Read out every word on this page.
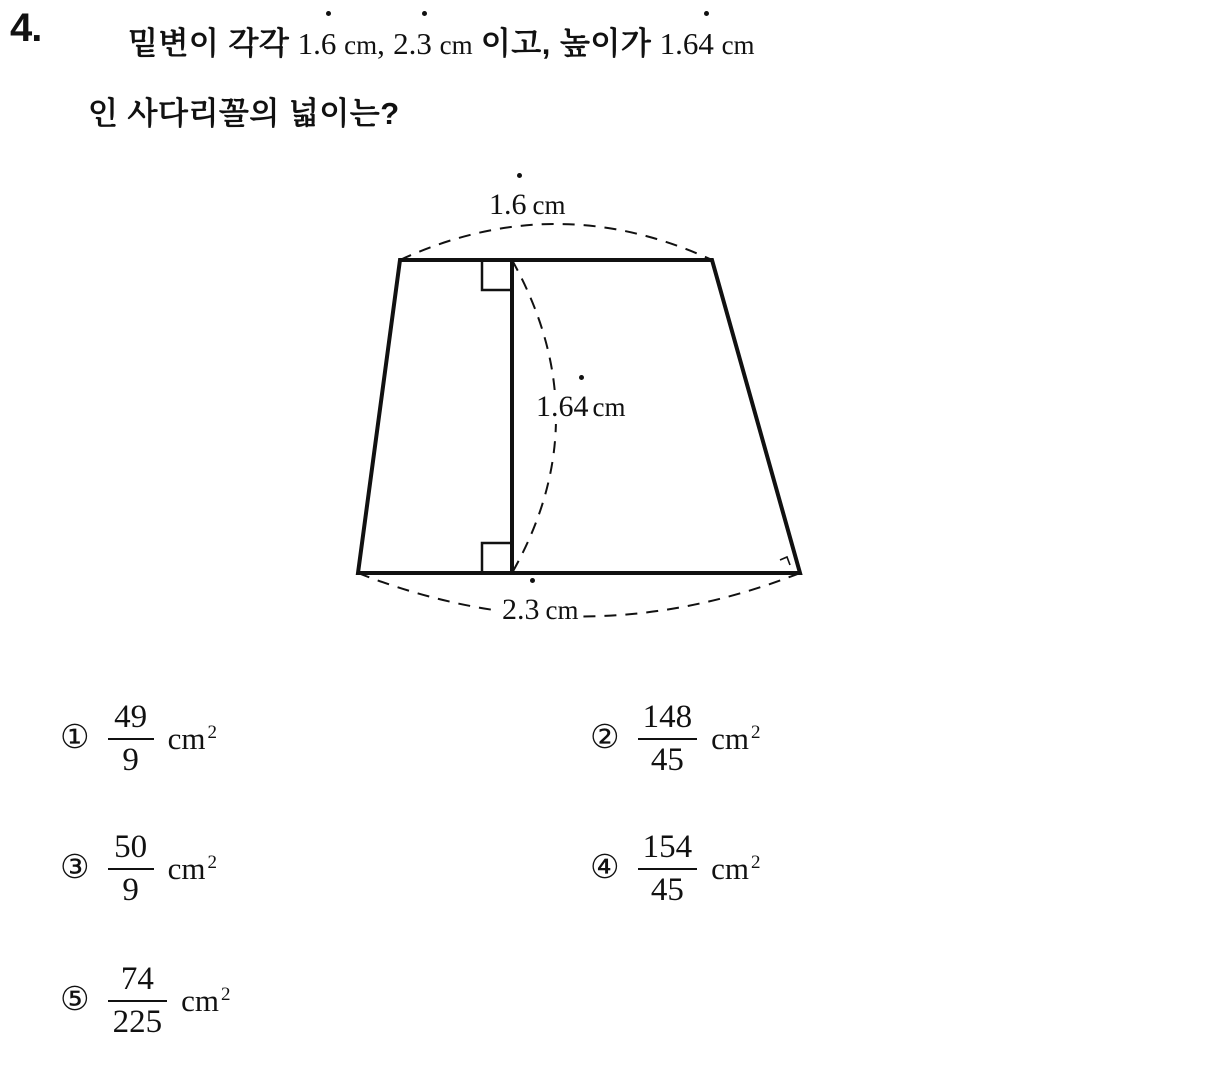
4.	밑변이 각각 1.6 cm, 2.3 cm 이고, 높이가 1.64 cm
인 사다리꼴의 넓이는?
1.6 cm
1.64 cm
2.3 cm
① $\frac{49}{9}$ cm $^2$	② $\frac{148}{45}$ cm $^2$
③ $\frac{50}{9}$ cm $^2$	④ $\frac{154}{45}$ cm $^2$
⑤ $\frac{74}{225}$ cm $^2$
